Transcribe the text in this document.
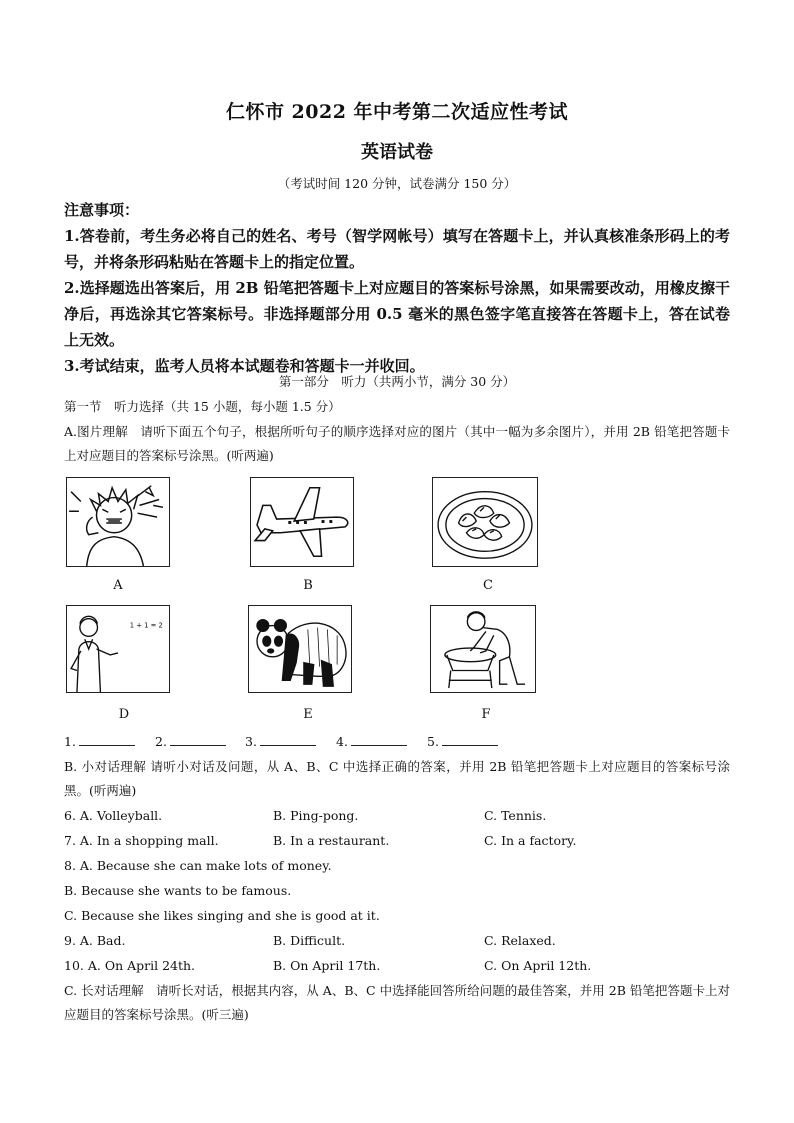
仁怀市 2022 年中考第二次适应性考试
英语试卷
（考试时间 120 分钟，试卷满分 150 分）

注意事项：

1.答卷前，考生务必将自己的姓名、考号（智学网帐号）填写在答题卡上，并认真核准条形码上的考号，并将条形码粘贴在答题卡上的指定位置。

2.选择题选出答案后，用 2B 铅笔把答题卡上对应题目的答案标号涂黑，如果需要改动，用橡皮擦干净后，再选涂其它答案标号。非选择题部分用 0.5 毫米的黑色签字笔直接答在答题卡上，答在试卷上无效。

3.考试结束，监考人员将本试题卷和答题卡一并收回。

第一部分　听力（共两小节，满分 30 分）
第一节　听力选择（共 15 小题，每小题 1.5 分）
A.图片理解　请听下面五个句子，根据所听句子的顺序选择对应的图片（其中一幅为多余图片），并用 2B 铅笔把答题卡上对应题目的答案标号涂黑。(听两遍)
A	B	C
1 + 1 = 2
D	E	F
1.	2.	3.	4.	5.
B. 小对话理解 请听小对话及问题，从 A、B、C 中选择正确的答案，并用 2B 铅笔把答题卡上对应题目的答案标号涂黑。(听两遍)
6. A. Volleyball.	B. Ping-pong.	C. Tennis.
7. A. In a shopping mall.	B. In a restaurant.	C. In a factory.
8. A. Because she can make lots of money.
B. Because she wants to be famous.
C. Because she likes singing and she is good at it.
9. A. Bad.	B. Difficult.	C. Relaxed.
10. A. On April 24th.	B. On April 17th.	C. On April 12th.
C. 长对话理解　请听长对话，根据其内容，从 A、B、C 中选择能回答所给问题的最佳答案，并用 2B 铅笔把答题卡上对应题目的答案标号涂黑。(听三遍)
